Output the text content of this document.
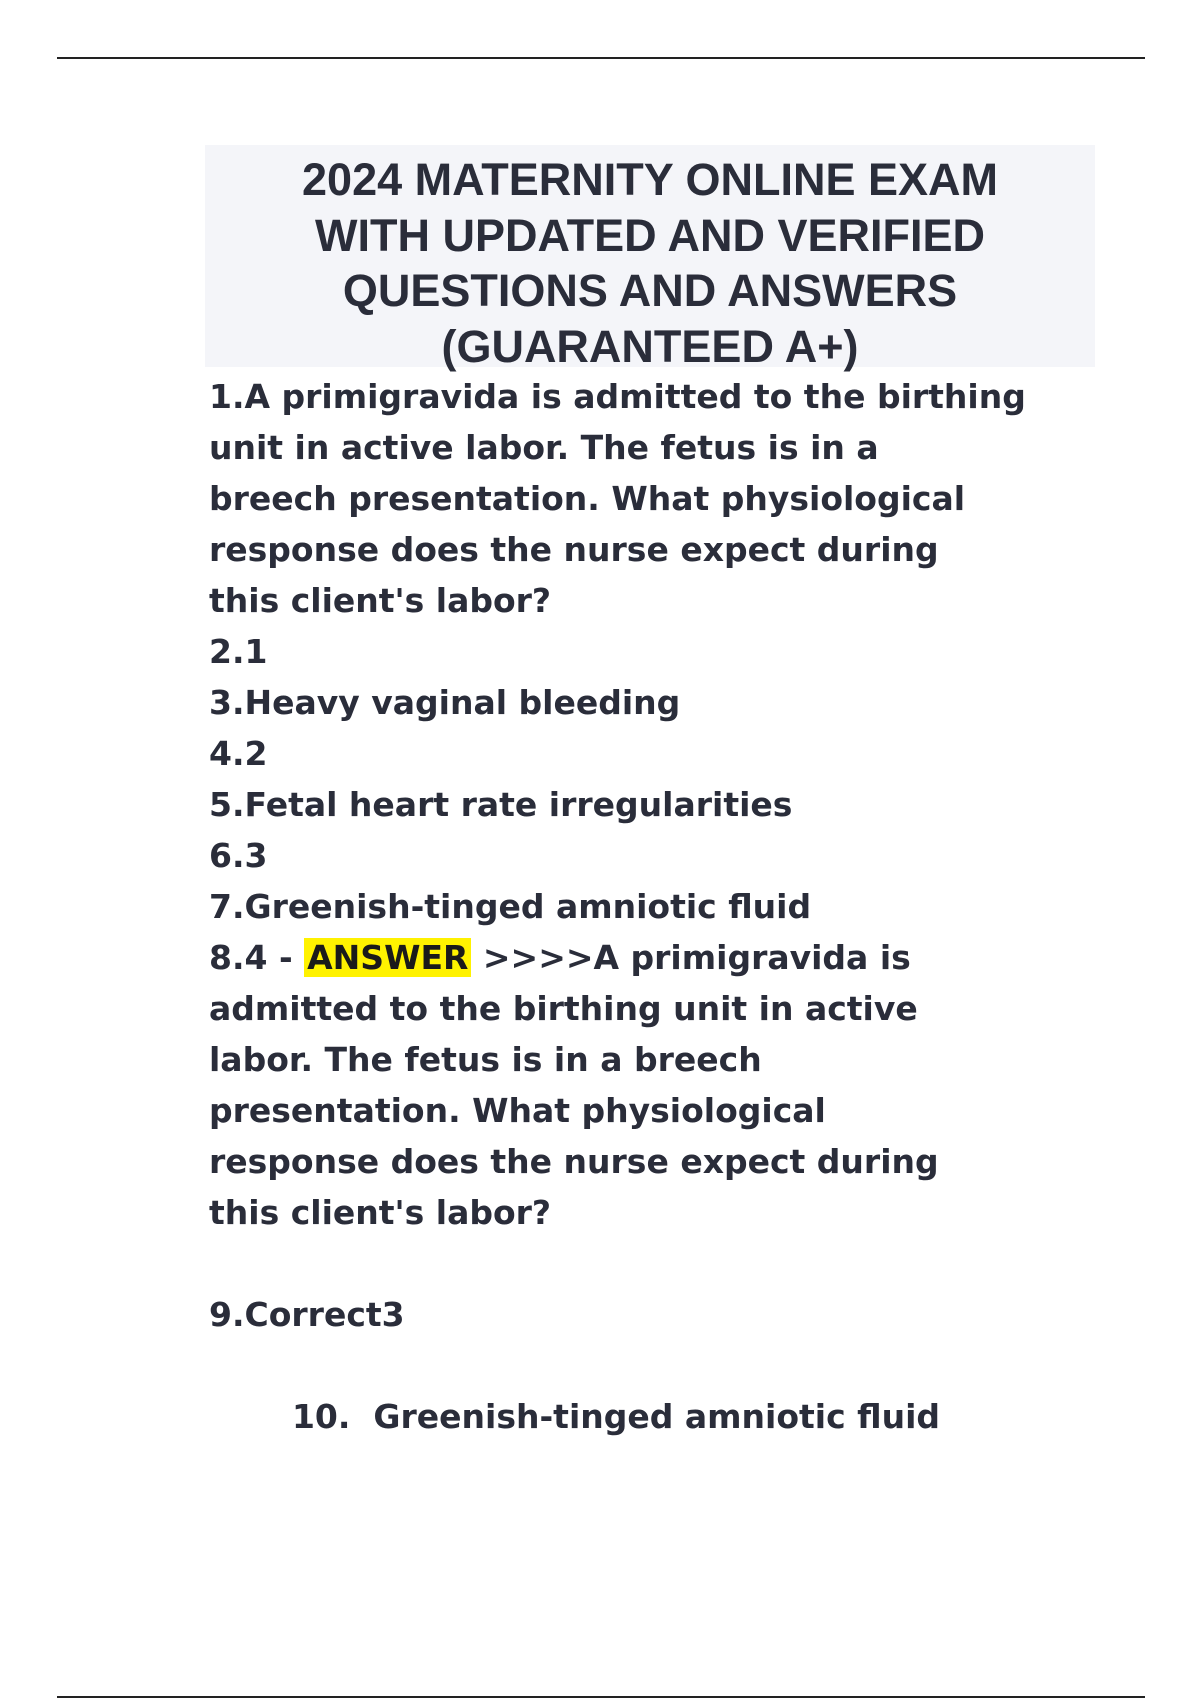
2024 MATERNITY ONLINE EXAM
WITH UPDATED AND VERIFIED
QUESTIONS AND ANSWERS
(GUARANTEED A+)
1.A primigravida is admitted to the birthing
unit in active labor. The fetus is in a
breech presentation. What physiological
response does the nurse expect during
this client's labor?
2.1
3.Heavy vaginal bleeding
4.2
5.Fetal heart rate irregularities
6.3
7.Greenish-tinged amniotic fluid
8.4 - ANSWER >>>>A primigravida is
admitted to the birthing unit in active
labor. The fetus is in a breech
presentation. What physiological
response does the nurse expect during
this client's labor?
9.Correct3

10.  Greenish-tinged amniotic fluid
